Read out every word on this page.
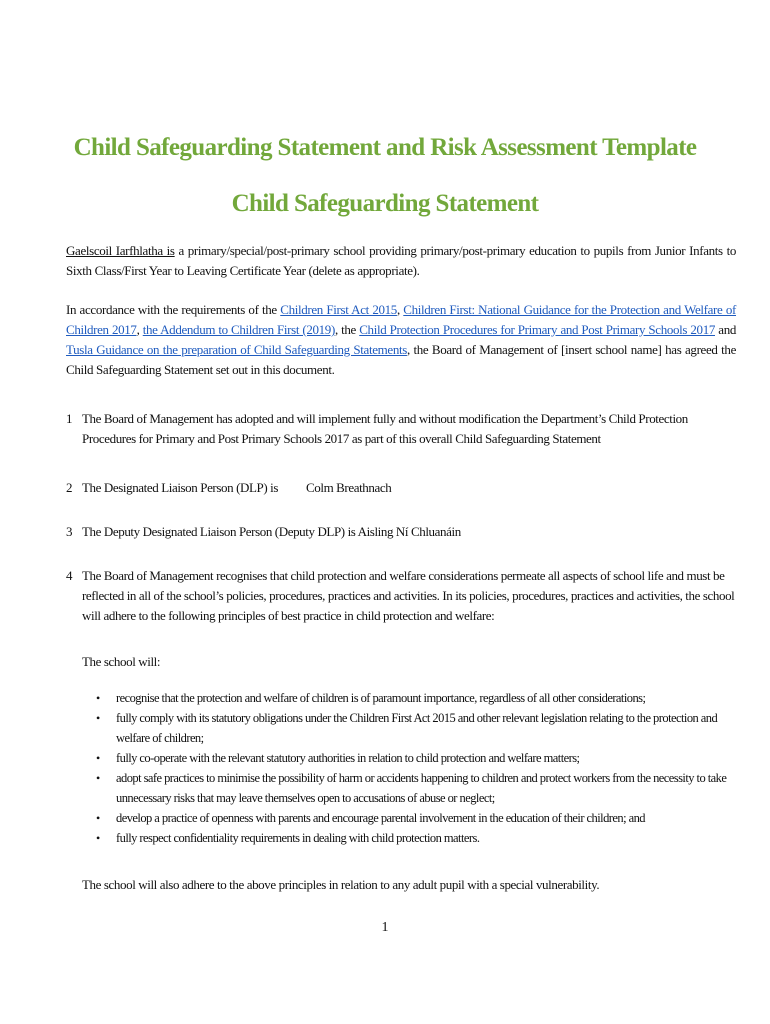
Child Safeguarding Statement and Risk Assessment Template
Child Safeguarding Statement
Gaelscoil Iarfhlatha is a primary/special/post-primary school providing primary/post-primary education to pupils from Junior Infants to Sixth Class/First Year to Leaving Certificate Year (delete as appropriate).
In accordance with the requirements of the Children First Act 2015, Children First: National Guidance for the Protection and Welfare of Children 2017, the Addendum to Children First (2019), the Child Protection Procedures for Primary and Post Primary Schools 2017 and Tusla Guidance on the preparation of Child Safeguarding Statements, the Board of Management of [insert school name] has agreed the Child Safeguarding Statement set out in this document.
1 The Board of Management has adopted and will implement fully and without modification the Department’s Child Protection Procedures for Primary and Post Primary Schools 2017 as part of this overall Child Safeguarding Statement
2 The Designated Liaison Person (DLP) is	Colm Breathnach
3 The Deputy Designated Liaison Person (Deputy DLP) is Aisling Ní Chluanáin
4 The Board of Management recognises that child protection and welfare considerations permeate all aspects of school life and must be reflected in all of the school’s policies, procedures, practices and activities. In its policies, procedures, practices and activities, the school will adhere to the following principles of best practice in child protection and welfare:
The school will:
• recognise that the protection and welfare of children is of paramount importance, regardless of all other considerations;
• fully comply with its statutory obligations under the Children First Act 2015 and other relevant legislation relating to the protection and welfare of children;
• fully co-operate with the relevant statutory authorities in relation to child protection and welfare matters;
• adopt safe practices to minimise the possibility of harm or accidents happening to children and protect workers from the necessity to take unnecessary risks that may leave themselves open to accusations of abuse or neglect;
• develop a practice of openness with parents and encourage parental involvement in the education of their children; and
• fully respect confidentiality requirements in dealing with child protection matters.
The school will also adhere to the above principles in relation to any adult pupil with a special vulnerability.
1
